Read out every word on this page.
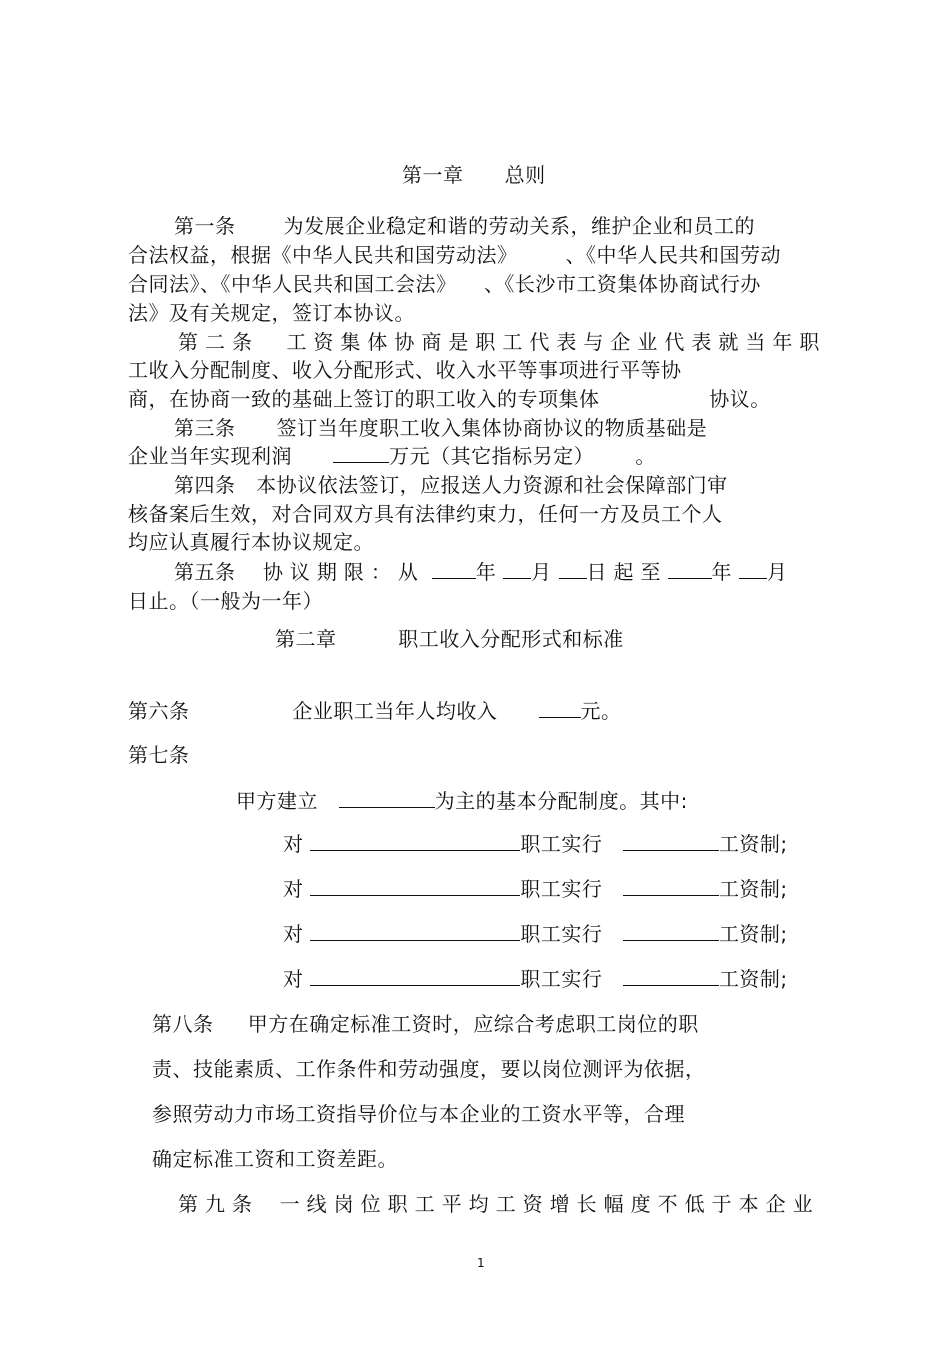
第一章 总则
第一条 为发展企业稳定和谐的劳动关系，维护企业和员工的
合法权益，根据《中华人民共和国劳动法》 、《中华人民共和国劳动
合同法》、《中华人民共和国工会法》 、《长沙市工资集体协商试行办
法》及有关规定，签订本协议。
第二条 工资集体协商是职工代表与企业代表就当年职
工收入分配制度、收入分配形式、收入水平等事项进行平等协
商，在协商一致的基础上签订的职工收入的专项集体	协议。
第三条 签订当年度职工收入集体协商协议的物质基础是
企业当年实现利润	万元（其它指标另定） 。
第四条 本协议依法签订，应报送人力资源和社会保障部门审
核备案后生效，对合同双方具有法律约束力，任何一方及员工个人
均应认真履行本协议规定。
第五条 协议期限：从	年 月 日起至 年 月
日止。（一般为一年）
第二章	职工收入分配形式和标准
第六条	企业职工当年人均收入	元。
第七条
甲方建立	为主的基本分配制度。其中:
对	职工实行	工资制;
对	职工实行	工资制;
对	职工实行	工资制;
对	职工实行	工资制;
第八条 甲方在确定标准工资时，应综合考虑职工岗位的职
责、技能素质、工作条件和劳动强度，要以岗位测评为依据，
参照劳动力市场工资指导价位与本企业的工资水平等，合理
确定标准工资和工资差距。
第九条 一线岗位职工平均工资增长幅度不低于本企业
1
